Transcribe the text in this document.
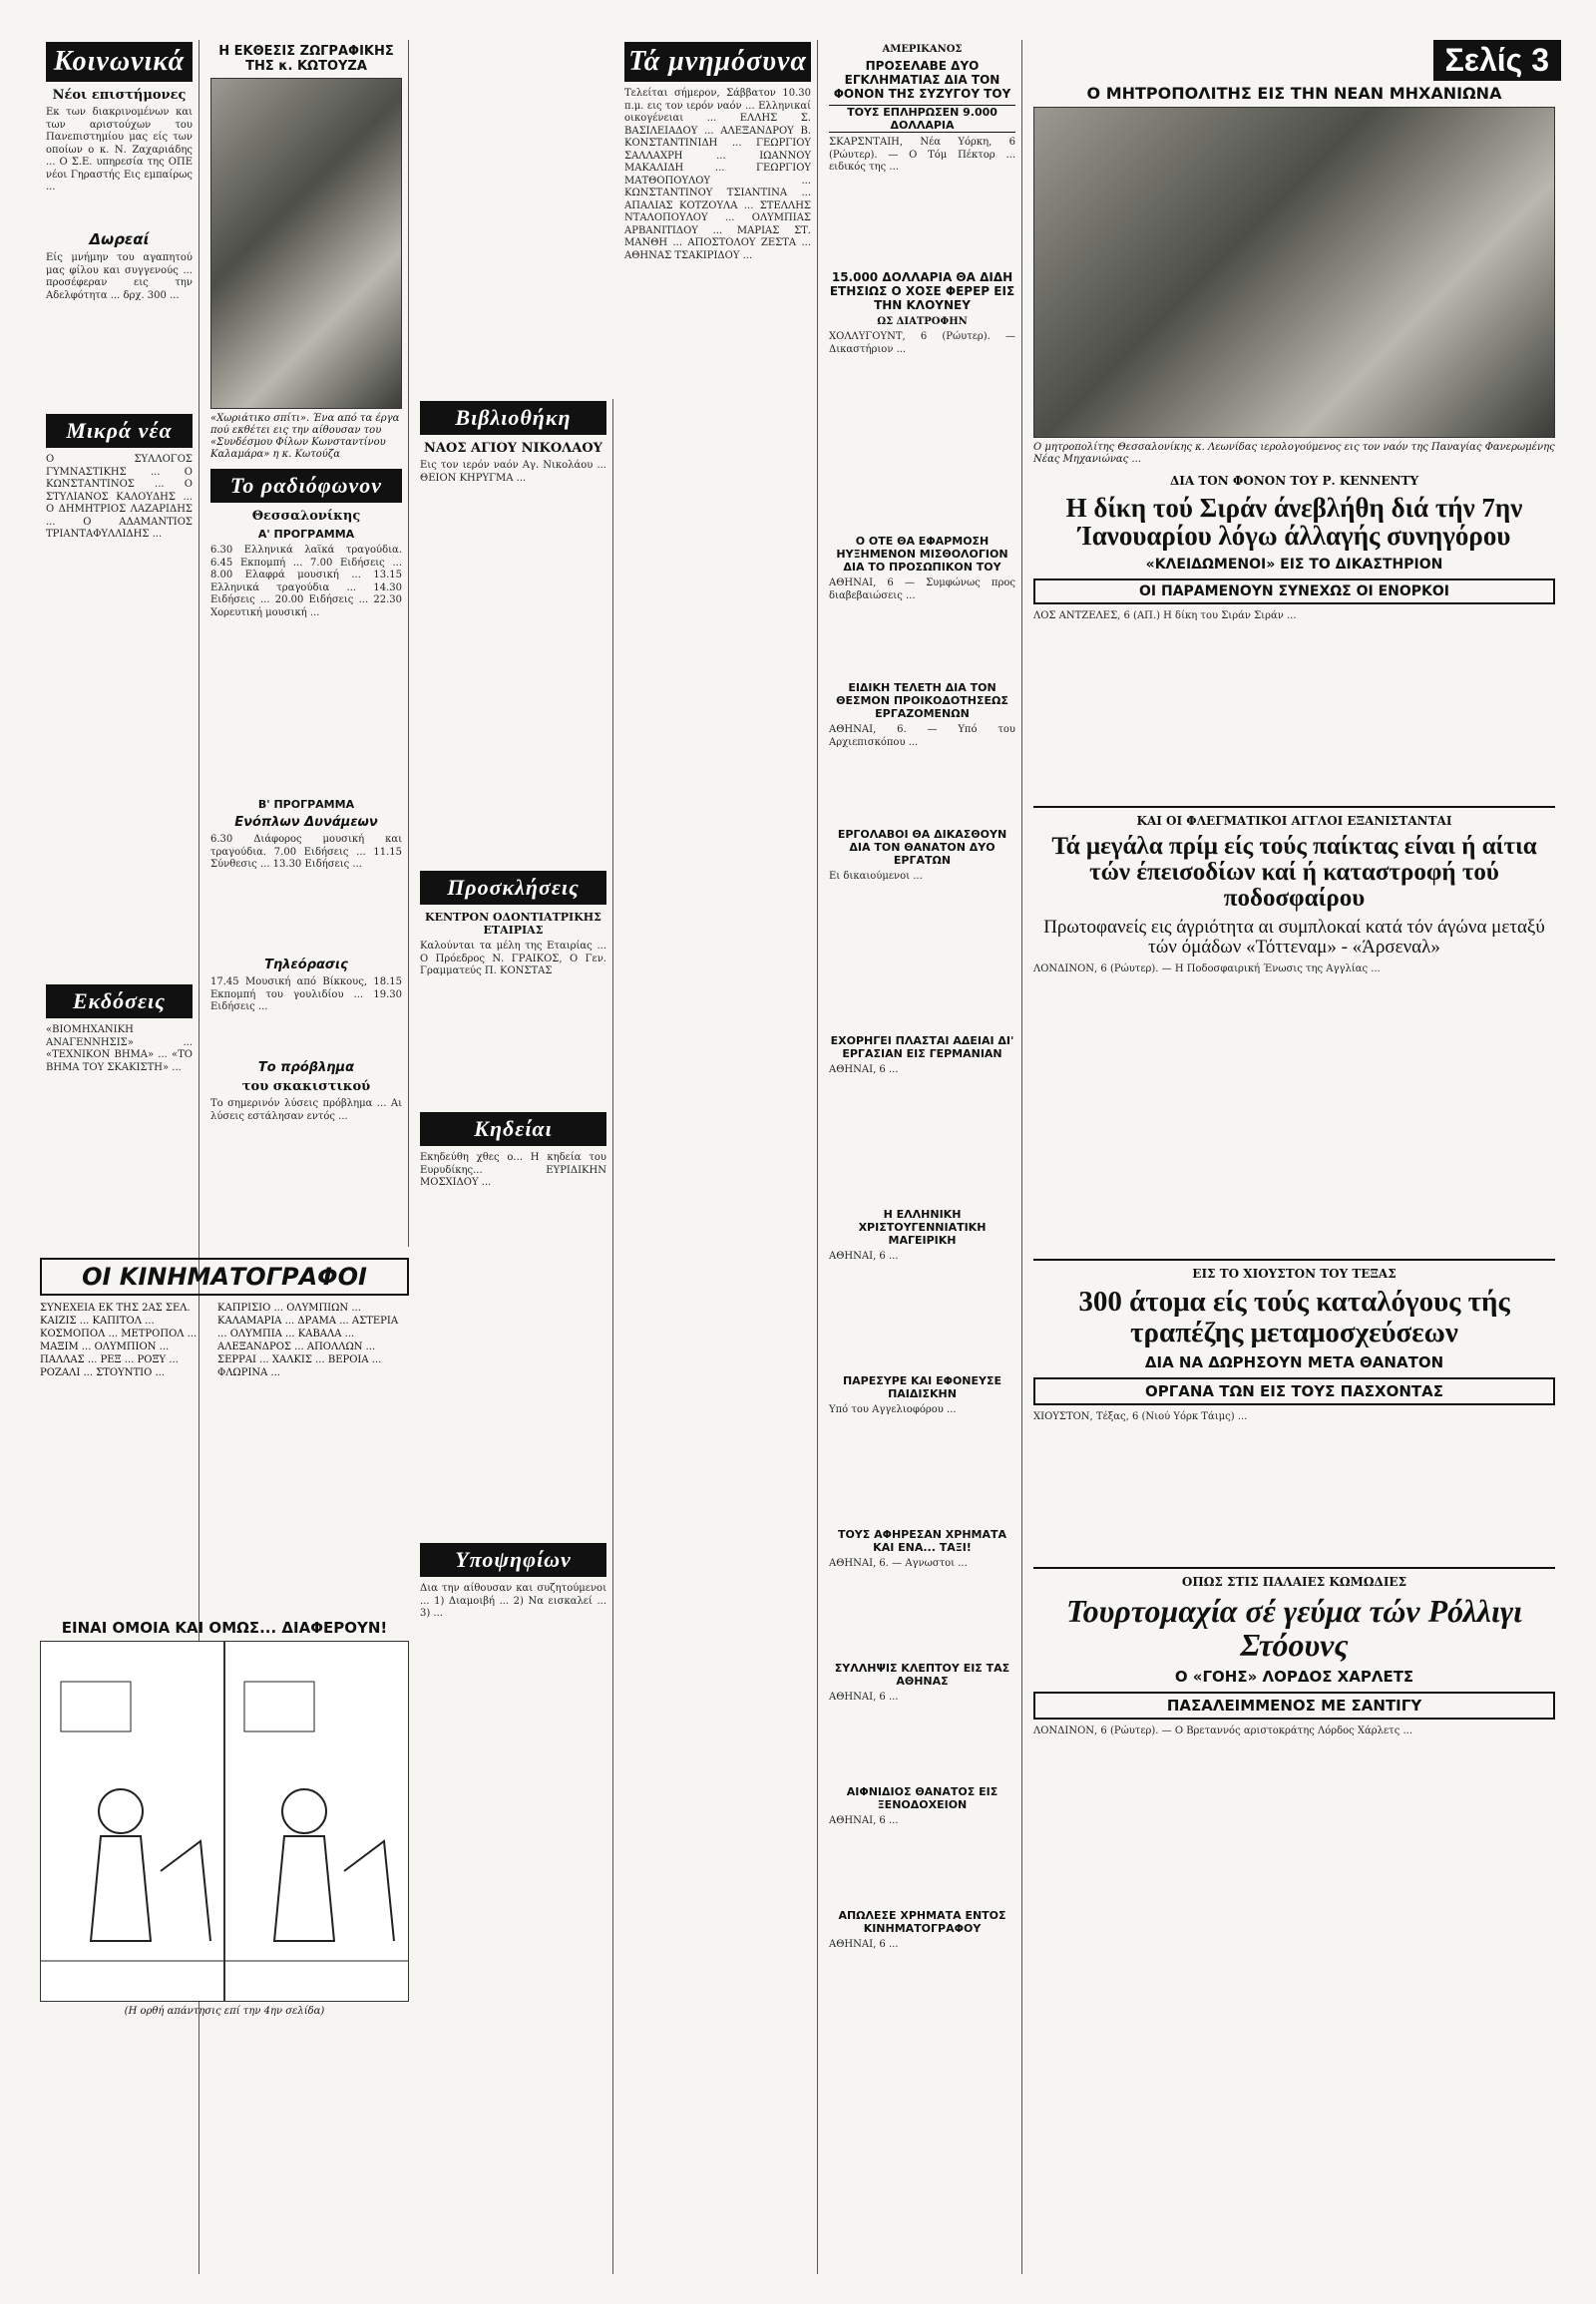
Σελίς 3
Κοινωνικά
Νέοι επιστήμονες
Εκ των διακρινομένων και των αριστούχων του Πανεπιστημίου μας είς των οποίων ο κ. Ν. Ζαχαριάδης ... Ο Σ.Ε. υπηρεσία της ΟΠΕ νέοι Γηραστής Εις εμπαίρως ...
Δωρεαί
Είς μνήμην του αγαπητού μας φίλου και συγγενούς ... προσέφεραν εις την Αδελφότητα ... δρχ. 300 ...
Μικρά νέα
Ο ΣΥΛΛΟΓΟΣ ΓΥΜΝΑΣΤΙΚΗΣ ... Ο ΚΩΝΣΤΑΝΤΙΝΟΣ ... Ο ΣΤΥΛΙΑΝΟΣ ΚΑΛΟΥΔΗΣ ... Ο ΔΗΜΗΤΡΙΟΣ ΛΑΖΑΡΙΔΗΣ ... Ο ΑΔΑΜΑΝΤΙΟΣ ΤΡΙΑΝΤΑΦΥΛΛΙΔΗΣ ...
Εκδόσεις
«ΒΙΟΜΗΧΑΝΙΚΗ ΑΝΑΓΕΝΝΗΣΙΣ» ... «ΤΕΧΝΙΚΟΝ ΒΗΜΑ» ... «ΤΟ ΒΗΜΑ ΤΟΥ ΣΚΑΚΙΣΤΗ» ...
ΟΙ ΚΙΝΗΜΑΤΟΓΡΑΦΟΙ
ΣΥΝΕΧΕΙΑ ΕΚ ΤΗΣ 2ΑΣ ΣΕΛ. ΚΑΙΖΙΣ ... ΚΑΠΙΤΟΛ ... ΚΟΣΜΟΠΟΛ ... ΜΕΤΡΟΠΟΛ ... ΜΑΞΙΜ ... ΟΛΥΜΠΙΟΝ ... ΠΑΛΛΑΣ ... ΡΕΞ ... ΡΟΞΥ ... ΡΟΖΑΛΙ ... ΣΤΟΥΝΤΙΟ ...
ΚΑΠΡΙΣΙΟ ... ΟΛΥΜΠΙΩΝ ... ΚΑΛΑΜΑΡΙΑ ... ΔΡΑΜΑ ... ΑΣΤΕΡΙΑ ... ΟΛΥΜΠΙΑ ... ΚΑΒΑΛΑ ... ΑΛΕΞΑΝΔΡΟΣ ... ΑΠΟΛΛΩΝ ... ΣΕΡΡΑΙ ... ΧΑΛΚΙΣ ... ΒΕΡΟΙΑ ... ΦΛΩΡΙΝΑ ...
ΕΙΝΑΙ ΟΜΟΙΑ ΚΑΙ ΟΜΩΣ... ΔΙΑΦΕΡΟΥΝ!
(Η ορθή απάντησις επί την 4ην σελίδα)
Η ΕΚΘΕΣΙΣ ΖΩΓΡΑΦΙΚΗΣ ΤΗΣ κ. ΚΩΤΟΥΖΑ
«Χωριάτικο σπίτι». Ένα από τα έργα πού εκθέτει εις την αίθουσαν του «Συνδέσμου Φίλων Κωνσταντίνου Καλαμάρα» η κ. Κωτούζα
Το ραδιόφωνον
Θεσσαλονίκης
Α' ΠΡΟΓΡΑΜΜΑ
6.30 Ελληνικά λαϊκά τραγούδια. 6.45 Εκπομπή ... 7.00 Ειδήσεις ... 8.00 Ελαφρά μουσική ... 13.15 Ελληνικά τραγούδια ... 14.30 Ειδήσεις ... 20.00 Ειδήσεις ... 22.30 Χορευτική μουσική ...
Β' ΠΡΟΓΡΑΜΜΑ
Ενόπλων Δυνάμεων
6.30 Διάφορος μουσική και τραγούδια. 7.00 Ειδήσεις ... 11.15 Σύνθεσις ... 13.30 Ειδήσεις ...
Τηλεόρασις
17.45 Μουσική από Βίκκους, 18.15 Εκπομπή του γουλιδίου ... 19.30 Ειδήσεις ...
Το πρόβλημα
του σκακιστικού
Το σημερινόν λύσεις πρόβλημα ... Αι λύσεις εστάλησαν εντός ...
Βιβλιοθήκη
ΝΑΟΣ ΑΓΙΟΥ ΝΙΚΟΛΑΟΥ
Εις τον ιερόν ναόν Αγ. Νικολάου ... ΘΕΙΟΝ ΚΗΡΥΓΜΑ ...
Προσκλήσεις
ΚΕΝΤΡΟΝ ΟΔΟΝΤΙΑΤΡΙΚΗΣ ΕΤΑΙΡΙΑΣ
Καλούνται τα μέλη της Εταιρίας ... Ο Πρόεδρος Ν. ΓΡΑΙΚΟΣ, Ο Γεν. Γραμματεύς Π. ΚΟΝΣΤΑΣ
Κηδείαι
Εκηδεύθη χθες ο... Η κηδεία του Ευρυδίκης... ΕΥΡΙΔΙΚΗΝ ΜΟΣΧΙΔΟΥ ...
Υποψηφίων
Δια την αίθουσαν και συζητούμενοι ... 1) Διαμοιβή ... 2) Να εισκαλεί ... 3) ...
Τά μνημόσυνα
Τελείται σήμερον, Σάββατον 10.30 π.μ. εις τον ιερόν ναόν ... Ελληνικαί οικογένειαι ... ΕΛΛΗΣ Σ. ΒΑΣΙΛΕΙΑΔΟΥ ... ΑΛΕΞΑΝΔΡΟΥ Β. ΚΟΝΣΤΑΝΤΙΝΙΔΗ ... ΓΕΩΡΓΙΟΥ ΣΑΛΛΑΧΡΗ ... ΙΩΑΝΝΟΥ ΜΑΚΑΛΙΔΗ ... ΓΕΩΡΓΙΟΥ ΜΑΤΘΟΠΟΥΛΟΥ ... ΚΩΝΣΤΑΝΤΙΝΟΥ ΤΣΙΑΝΤΙΝΑ ... ΑΠΑΛΙΑΣ ΚΟΤΖΟΥΛΑ ... ΣΤΕΛΛΗΣ ΝΤΑΛΟΠΟΥΛΟΥ ... ΟΛΥΜΠΙΑΣ ΑΡΒΑΝΙΤΙΔΟΥ ... ΜΑΡΙΑΣ ΣΤ. ΜΑΝΘΗ ... ΑΠΟΣΤΟΛΟΥ ΖΕΣΤΑ ... ΑΘΗΝΑΣ ΤΣΑΚΙΡΙΔΟΥ ...
ΑΜΕΡΙΚΑΝΟΣ
ΠΡΟΣΕΛΑΒΕ ΔΥΟ ΕΓΚΛΗΜΑΤΙΑΣ ΔΙΑ ΤΟΝ ΦΟΝΟΝ ΤΗΣ ΣΥΖΥΓΟΥ ΤΟΥ
ΤΟΥΣ ΕΠΛΗΡΩΣΕΝ 9.000 ΔΟΛΛΑΡΙΑ
ΣΚΑΡΣΝΤΑΙΗ, Νέα Υόρκη, 6 (Ρώυτερ). — Ο Τόμ Πέκτορ ... ειδικός της ...
15.000 ΔΟΛΛΑΡΙΑ ΘΑ ΔΙΔΗ ΕΤΗΣΙΩΣ Ο ΧΟΣΕ ΦΕΡΕΡ ΕΙΣ ΤΗΝ ΚΛΟΥΝΕΥ
ΩΣ ΔΙΑΤΡΟΦΗΝ
ΧΟΛΛΥΓΟΥΝΤ, 6 (Ρώυτερ). — Δικαστήριον ...
Ο ΟΤΕ ΘΑ ΕΦΑΡΜΟΣΗ ΗΥΞΗΜΕΝΟΝ ΜΙΣΘΟΛΟΓΙΟΝ ΔΙΑ ΤΟ ΠΡΟΣΩΠΙΚΟΝ ΤΟΥ
ΑΘΗΝΑΙ, 6 — Συμφώνως προς διαβεβαιώσεις ...
ΕΙΔΙΚΗ ΤΕΛΕΤΗ ΔΙΑ ΤΟΝ ΘΕΣΜΟΝ ΠΡΟΙΚΟΔΟΤΗΣΕΩΣ ΕΡΓΑΖΟΜΕΝΩΝ
ΑΘΗΝΑΙ, 6. — Υπό του Αρχιεπισκόπου ...
ΕΡΓΟΛΑΒΟΙ ΘΑ ΔΙΚΑΣΘΟΥΝ ΔΙΑ ΤΟΝ ΘΑΝΑΤΟΝ ΔΥΟ ΕΡΓΑΤΩΝ
Ει δικαιούμενοι ...
ΕΧΟΡΗΓΕΙ ΠΛΑΣΤΑΙ ΑΔΕΙΑΙ ΔΙ' ΕΡΓΑΣΙΑΝ ΕΙΣ ΓΕΡΜΑΝΙΑΝ
ΑΘΗΝΑΙ, 6 ...
Η ΕΛΛΗΝΙΚΗ ΧΡΙΣΤΟΥΓΕΝΝΙΑΤΙΚΗ ΜΑΓΕΙΡΙΚΗ
ΑΘΗΝΑΙ, 6 ...
ΠΑΡΕΣΥΡΕ ΚΑΙ ΕΦΟΝΕΥΣΕ ΠΑΙΔΙΣΚΗΝ
Υπό του Αγγελιοφόρου ...
ΤΟΥΣ ΑΦΗΡΕΣΑΝ ΧΡΗΜΑΤΑ ΚΑΙ ΕΝΑ... ΤΑΞΙ!
ΑΘΗΝΑΙ, 6. — Αγνωστοι ...
ΣΥΛΛΗΨΙΣ ΚΛΕΠΤΟΥ ΕΙΣ ΤΑΣ ΑΘΗΝΑΣ
ΑΘΗΝΑΙ, 6 ...
ΑΙΦΝΙΔΙΟΣ ΘΑΝΑΤΟΣ ΕΙΣ ΞΕΝΟΔΟΧΕΙΟΝ
ΑΘΗΝΑΙ, 6 ...
ΑΠΩΛΕΣΕ ΧΡΗΜΑΤΑ ΕΝΤΟΣ ΚΙΝΗΜΑΤΟΓΡΑΦΟΥ
ΑΘΗΝΑΙ, 6 ...
Ο ΜΗΤΡΟΠΟΛΙΤΗΣ ΕΙΣ ΤΗΝ ΝΕΑΝ ΜΗΧΑΝΙΩΝΑ
Ο μητροπολίτης Θεσσαλονίκης κ. Λεωνίδας ιερολογούμενος εις τον ναόν της Παναγίας Φανερωμένης Νέας Μηχανιώνας ...
ΔΙΑ ΤΟΝ ΦΟΝΟΝ ΤΟΥ Ρ. ΚΕΝΝΕΝΤΥ
Η δίκη τού Σιράν άνεβλήθη διά τήν 7ην Ίανουαρίου λόγω άλλαγής συνηγόρου
«ΚΛΕΙΔΩΜΕΝΟΙ» ΕΙΣ ΤΟ ΔΙΚΑΣΤΗΡΙΟΝ
ΟΙ ΠΑΡΑΜΕΝΟΥΝ ΣΥΝΕΧΩΣ ΟΙ ΕΝΟΡΚΟΙ
ΛΟΣ ΑΝΤΖΕΛΕΣ, 6 (ΑΠ.) Η δίκη του Σιράν Σιράν ...
ΚΑΙ ΟΙ ΦΛΕΓΜΑΤΙΚΟΙ ΑΓΓΛΟΙ ΕΞΑΝΙΣΤΑΝΤΑΙ
Τά μεγάλα πρίμ είς τούς παίκτας είναι ή αίτια τών έπεισοδίων καί ή καταστροφή τού ποδοσφαίρου
Πρωτοφανείς εις άγριότητα αι συμπλοκαί κατά τόν άγώνα μεταξύ τών όμάδων «Τόττεναμ» - «Άρσεναλ»
ΛΟΝΔΙΝΟΝ, 6 (Ρώυτερ). — Η Ποδοσφαιρική Ένωσις της Αγγλίας ...
ΕΙΣ ΤΟ ΧΙΟΥΣΤΟΝ ΤΟΥ ΤΕΞΑΣ
300 άτομα είς τούς καταλόγους τής τραπέζης μεταμοσχεύσεων
ΔΙΑ ΝΑ ΔΩΡΗΣΟΥΝ ΜΕΤΑ ΘΑΝΑΤΟΝ
ΟΡΓΑΝΑ ΤΩΝ ΕΙΣ ΤΟΥΣ ΠΑΣΧΟΝΤΑΣ
ΧΙΟΥΣΤΟΝ, Τέξας, 6 (Νιού Υόρκ Τάιμς) ...
ΟΠΩΣ ΣΤΙΣ ΠΑΛΑΙΕΣ ΚΩΜΩΔΙΕΣ
Τουρτομαχία σέ γεύμα τών Ρόλλιγι Στόουνς
Ο «ΓΟΗΣ» ΛΟΡΔΟΣ ΧΑΡΛΕΤΣ
ΠΑΣΑΛΕΙΜΜΕΝΟΣ ΜΕ ΣΑΝΤΙΓΥ
ΛΟΝΔΙΝΟΝ, 6 (Ρώυτερ). — Ο Βρεταννός αριστοκράτης Λόρδος Χάρλετς ...
